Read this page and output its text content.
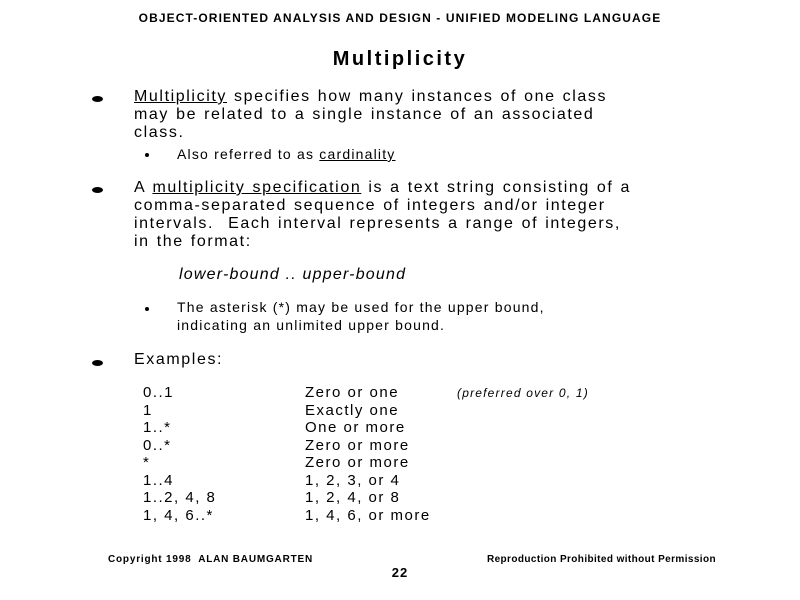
OBJECT-ORIENTED ANALYSIS AND DESIGN - UNIFIED MODELING LANGUAGE
Multiplicity
Multiplicity specifies how many instances of one class
may be related to a single instance of an associated
class.
Also referred to as cardinality
A multiplicity specification is a text string consisting of a
comma-separated sequence of integers and/or integer
intervals.  Each interval represents a range of integers,
in the format:
lower-bound .. upper-bound
The asterisk (*) may be used for the upper bound,
indicating an unlimited upper bound.
Examples:
0..1	Zero or one	(preferred over 0, 1)
1	Exactly one
1..*	One or more
0..*	Zero or more
*	Zero or more
1..4	1, 2, 3, or 4
1..2, 4, 8	1, 2, 4, or 8
1, 4, 6..*	1, 4, 6, or more
Copyright 1998  ALAN BAUMGARTEN	Reproduction Prohibited without Permission
22
